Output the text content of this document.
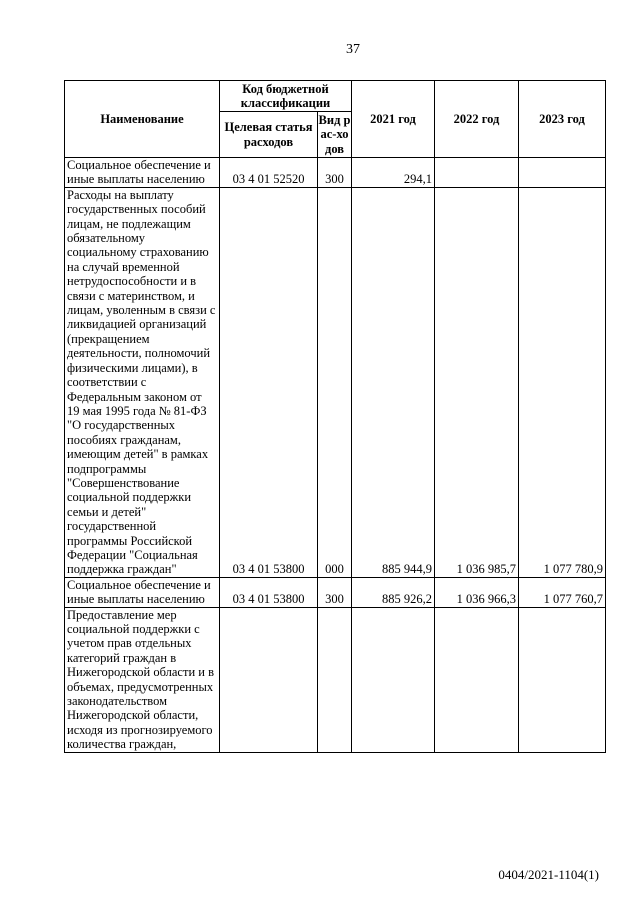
37
Наименование	Код бюджетной классификации		2021 год	2022 год	2023 год
	Целевая статья расходов	Вид рас-ходов			
Социальное обеспечение и иные выплаты населению	03 4 01 52520	300	294,1		
Расходы на выплату государственных пособий лицам, не подлежащим обязательному социальному страхованию на случай временной нетрудоспособности и в связи с материнством, и лицам, уволенным в связи с ликвидацией организаций (прекращением деятельности, полномочий физическими лицами), в соответствии с Федеральным законом от 19 мая 1995 года № 81-ФЗ "О государственных пособиях гражданам, имеющим детей" в рамках подпрограммы "Совершенствование социальной поддержки семьи и детей" государственной программы Российской Федерации "Социальная поддержка граждан"	03 4 01 53800	000	885 944,9	1 036 985,7	1 077 780,9
Социальное обеспечение и иные выплаты населению	03 4 01 53800	300	885 926,2	1 036 966,3	1 077 760,7
Предоставление мер социальной поддержки с учетом прав отдельных категорий граждан в Нижегородской области и в объемах, предусмотренных законодательством Нижегородской области, исходя из прогнозируемого количества граждан,					
0404/2021-1104(1)
